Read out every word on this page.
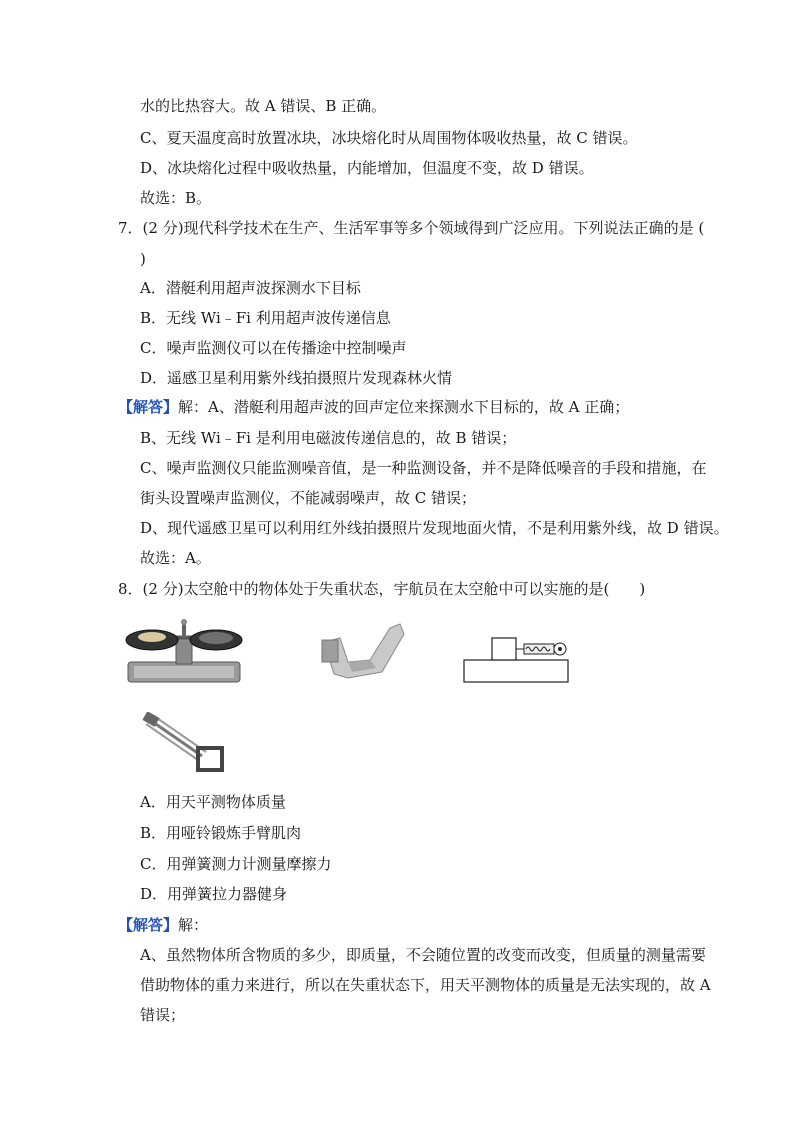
水的比热容大。故 A 错误、B 正确。
C、夏天温度高时放置冰块，冰块熔化时从周围物体吸收热量，故 C 错误。
D、冰块熔化过程中吸收热量，内能增加，但温度不变，故 D 错误。
故选：B。
7．(2 分)现代科学技术在生产、生活军事等多个领域得到广泛应用。下列说法正确的是 (
)
A．潜艇利用超声波探测水下目标
B．无线 Wi﹣Fi 利用超声波传递信息
C．噪声监测仪可以在传播途中控制噪声
D．遥感卫星利用紫外线拍摄照片发现森林火情
【解答】解：A、潜艇利用超声波的回声定位来探测水下目标的，故 A 正确；
B、无线 Wi﹣Fi 是利用电磁波传递信息的，故 B 错误；
C、噪声监测仪只能监测噪音值，是一种监测设备，并不是降低噪音的手段和措施，在
街头设置噪声监测仪，不能减弱噪声，故 C 错误；
D、现代遥感卫星可以利用红外线拍摄照片发现地面火情，不是利用紫外线，故 D 错误。
故选：A。
8．(2 分)太空舱中的物体处于失重状态，宇航员在太空舱中可以实施的是(　　)
A．用天平测物体质量
B．用哑铃锻炼手臂肌肉
C．用弹簧测力计测量摩擦力
D．用弹簧拉力器健身
【解答】解：
A、虽然物体所含物质的多少，即质量，不会随位置的改变而改变，但质量的测量需要
借助物体的重力来进行，所以在失重状态下，用天平测物体的质量是无法实现的，故 A
错误；
